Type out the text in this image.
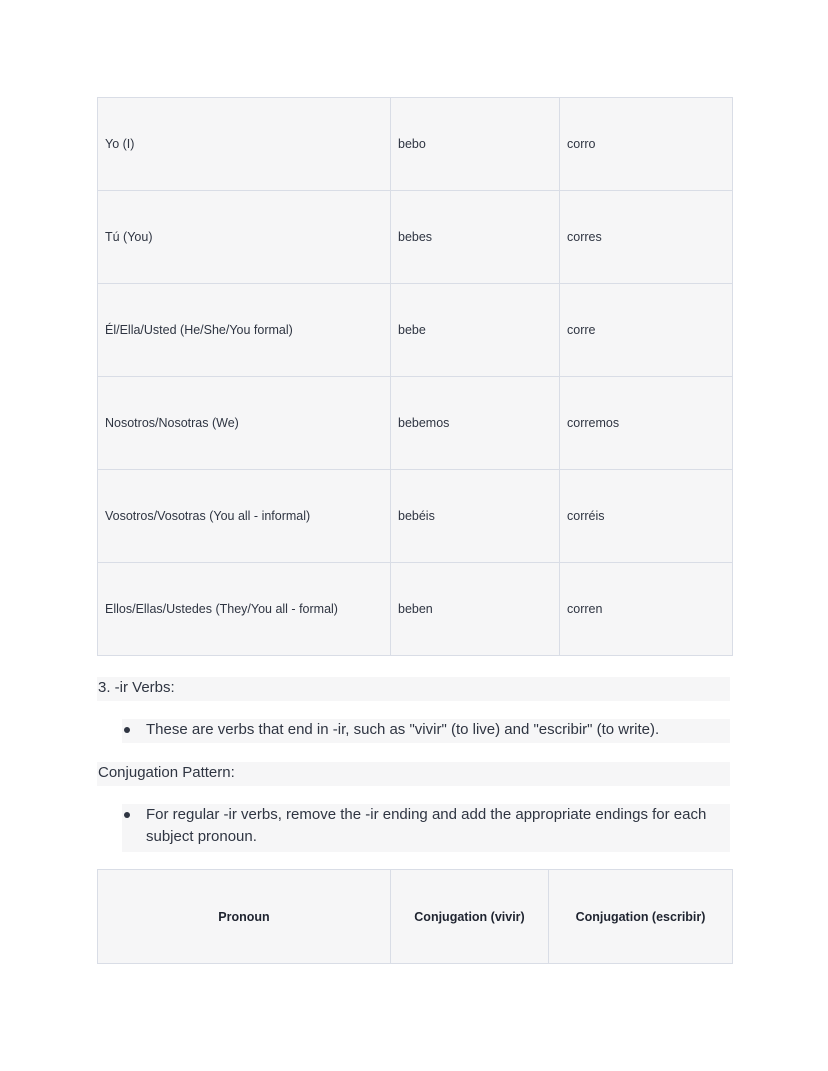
Yo (I)	bebo	corro
Tú (You)	bebes	corres
Él/Ella/Usted (He/She/You formal)	bebe	corre
Nosotros/Nosotras (We)	bebemos	corremos
Vosotros/Vosotras (You all - informal)	bebéis	corréis
Ellos/Ellas/Ustedes (They/You all - formal)	beben	corren
3. -ir Verbs:
These are verbs that end in -ir, such as "vivir" (to live) and "escribir" (to write).
Conjugation Pattern:
For regular -ir verbs, remove the -ir ending and add the appropriate endings for each subject pronoun.
Pronoun	Conjugation (vivir)	Conjugation (escribir)
